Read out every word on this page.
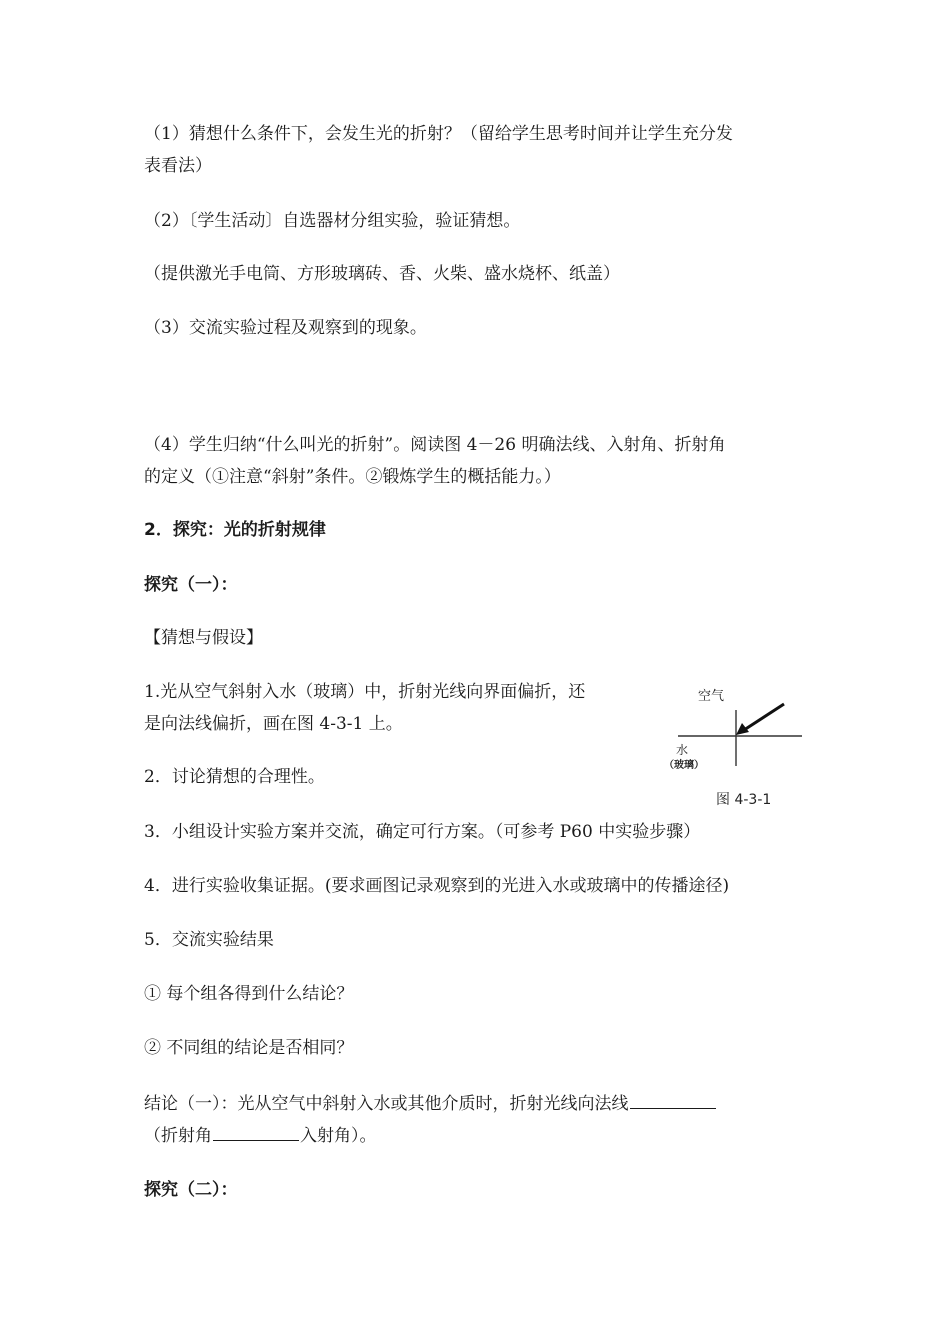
（1）猜想什么条件下，会发生光的折射？（留给学生思考时间并让学生充分发

表看法）

（2）〔学生活动〕自选器材分组实验，验证猜想。

（提供激光手电筒、方形玻璃砖、香、火柴、盛水烧杯、纸盖）

（3）交流实验过程及观察到的现象。

（4）学生归纳“什么叫光的折射”。阅读图 4－26 明确法线、入射角、折射角

的定义（①注意“斜射”条件。②锻炼学生的概括能力。）

2．探究：光的折射规律

探究（一）：

【猜想与假设】

1.光从空气斜射入水（玻璃）中，折射光线向界面偏折，还

是向法线偏折，画在图 4-3-1 上。

2．讨论猜想的合理性。

3．小组设计实验方案并交流，确定可行方案。（可参考 P60 中实验步骤）

4．进行实验收集证据。(要求画图记录观察到的光进入水或玻璃中的传播途径)

5．交流实验结果

① 每个组各得到什么结论？

② 不同组的结论是否相同？

结论（一）：光从空气中斜射入水或其他介质时，折射光线向法线

（折射角	入射角）。

探究（二）：

空气
水
（玻璃）
图 4-3-1
